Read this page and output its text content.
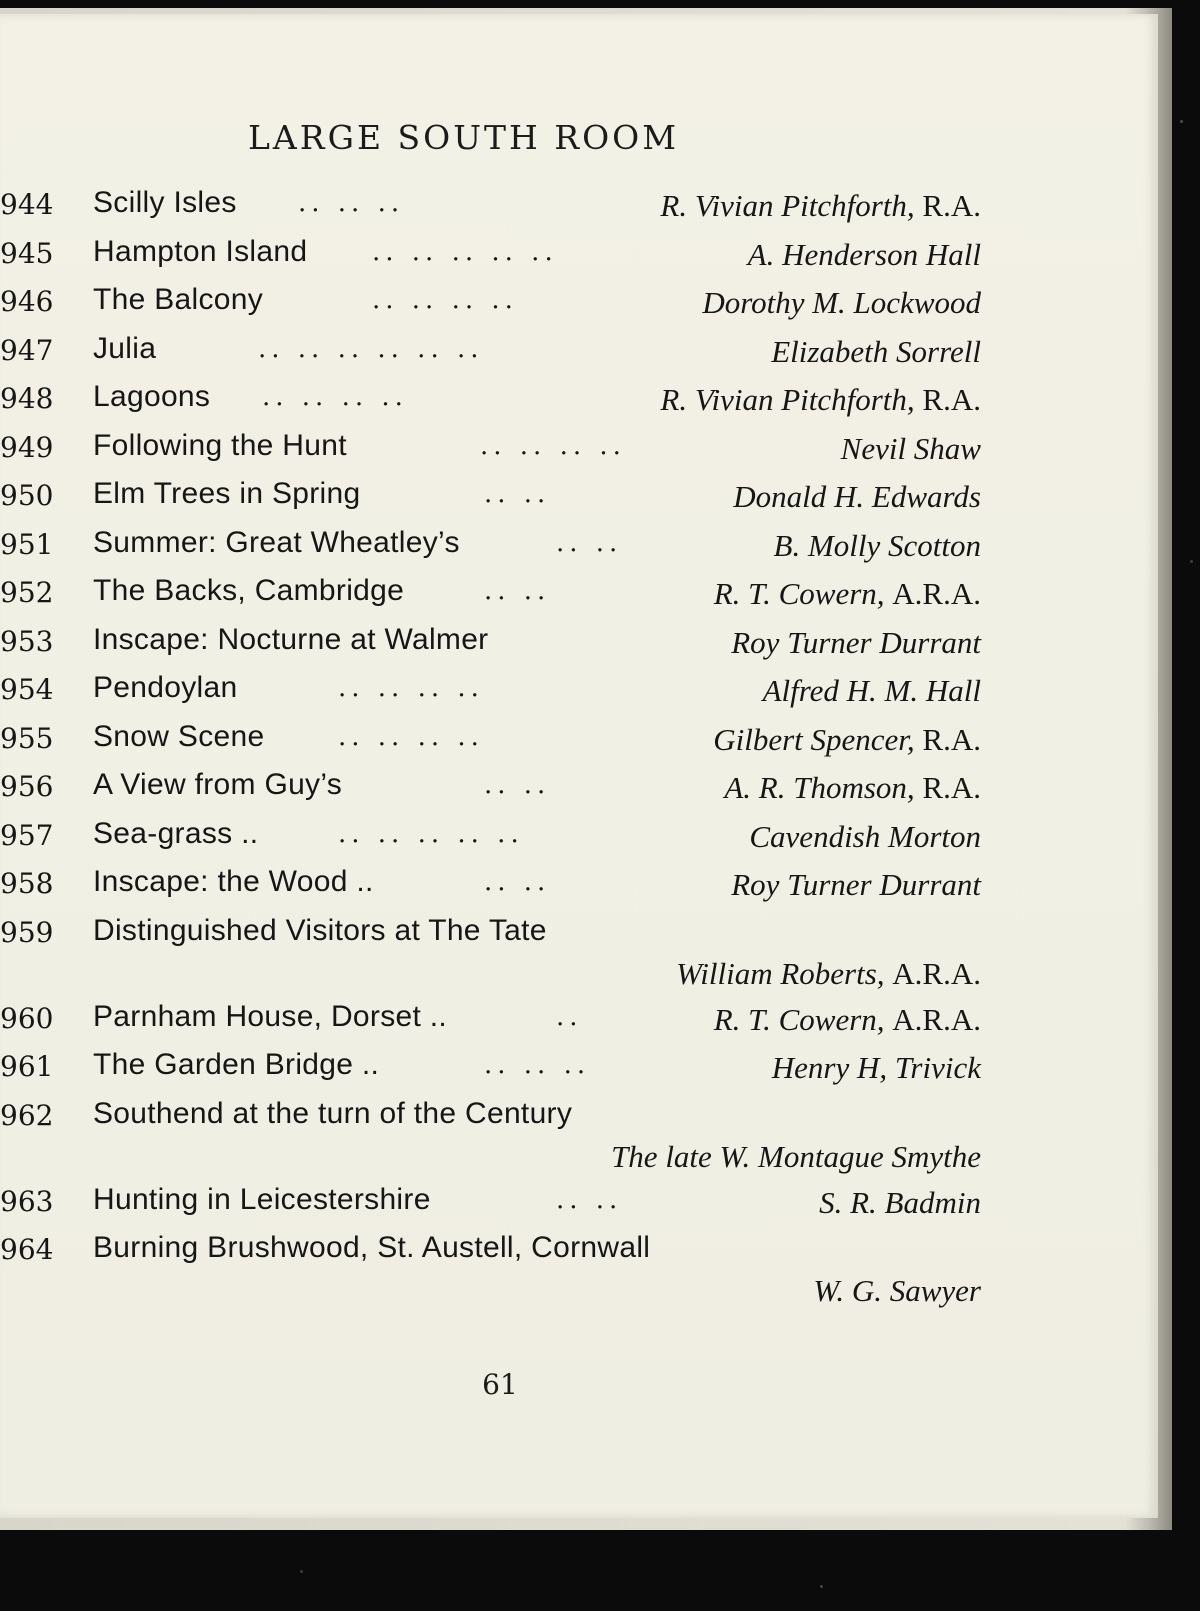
LARGE SOUTH ROOM
944 Scilly Isles .. .. ..	R. Vivian Pitchforth, R.A.
945 Hampton Island .. .. .. .. ..	A. Henderson Hall
946 The Balcony	.. .. .. ..	Dorothy M. Lockwood
947 Julia	.. .. .. .. .. ..	Elizabeth Sorrell
948 Lagoons .. .. .. ..	R. Vivian Pitchforth, R.A.
949 Following the Hunt	.. .. .. ..	Nevil Shaw
950 Elm Trees in Spring	.. ..	Donald H. Edwards
951 Summer: Great Wheatley’s	.. ..	B. Molly Scotton
952 The Backs, Cambridge	.. ..	R. T. Cowern, A.R.A.
953 Inscape: Nocturne at Walmer	Roy Turner Durrant
954 Pendoylan	.. .. .. ..	Alfred H. M. Hall
955 Snow Scene	.. .. .. ..	Gilbert Spencer, R.A.
956 A View from Guy’s	.. ..	A. R. Thomson, R.A.
957 Sea-grass ..	.. .. .. .. ..	Cavendish Morton
958 Inscape: the Wood ..	.. ..	Roy Turner Durrant
959 Distinguished Visitors at The Tate
William Roberts, A.R.A.
960 Parnham House, Dorset ..	..	R. T. Cowern, A.R.A.
961 The Garden Bridge ..	.. .. ..	Henry H, Trivick
962 Southend at the turn of the Century
The late W. Montague Smythe
963 Hunting in Leicestershire	.. ..	S. R. Badmin
964 Burning Brushwood, St. Austell, Cornwall
W. G. Sawyer

61
